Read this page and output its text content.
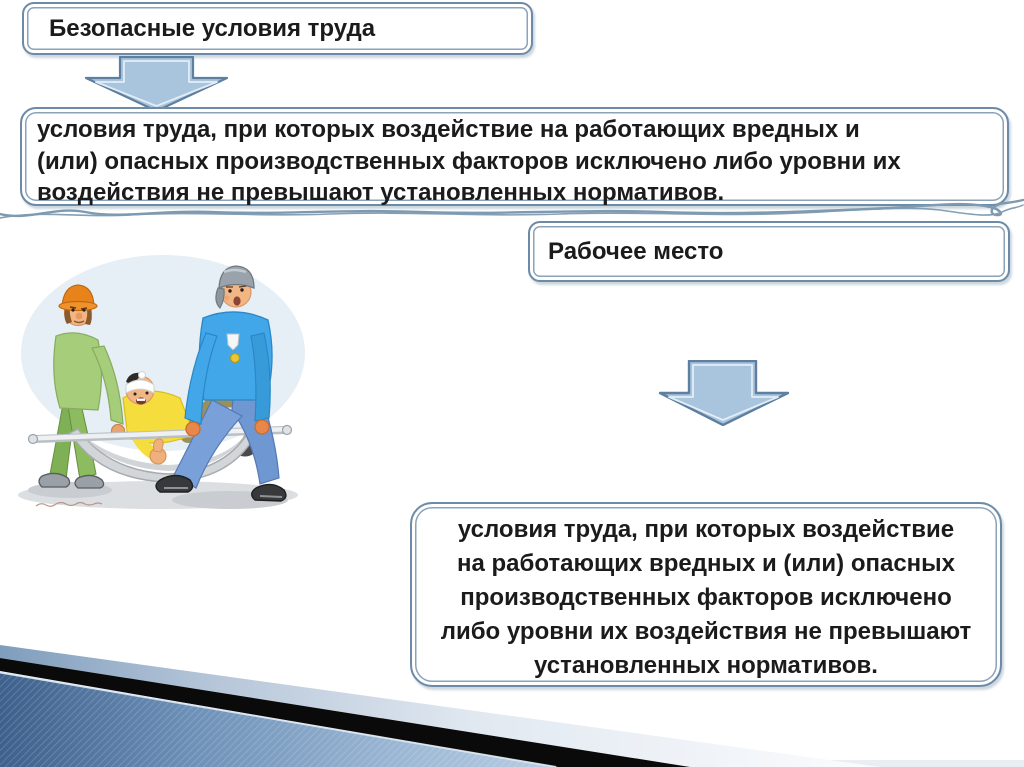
Безопасные условия труда
условия труда, при которых воздействие на работающих вредных и
(или) опасных производственных факторов исключено либо уровни их
воздействия не превышают установленных нормативов.
Рабочее место
условия труда, при которых воздействие
на работающих вредных и (или) опасных
производственных факторов исключено
либо уровни их воздействия не превышают
установленных нормативов.
